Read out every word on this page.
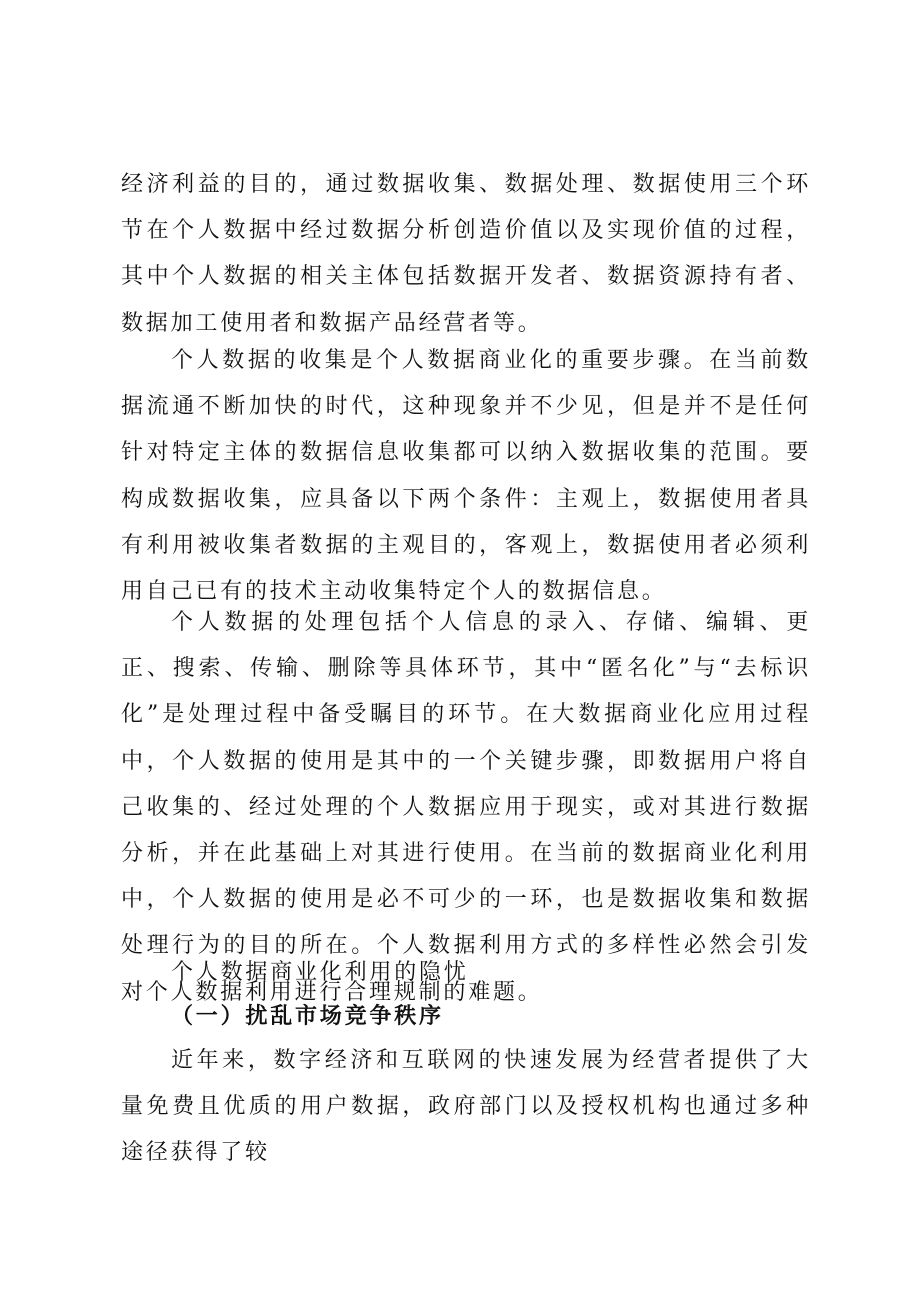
经济利益的目的，通过数据收集、数据处理、数据使用三个环节在个人数据中经过数据分析创造价值以及实现价值的过程，其中个人数据的相关主体包括数据开发者、数据资源持有者、数据加工使用者和数据产品经营者等。

个人数据的收集是个人数据商业化的重要步骤。在当前数据流通不断加快的时代，这种现象并不少见，但是并不是任何针对特定主体的数据信息收集都可以纳入数据收集的范围。要构成数据收集，应具备以下两个条件：主观上，数据使用者具有利用被收集者数据的主观目的，客观上，数据使用者必须利用自己已有的技术主动收集特定个人的数据信息。

个人数据的处理包括个人信息的录入、存储、编辑、更正、搜索、传输、删除等具体环节，其中“匿名化”与“去标识化”是处理过程中备受瞩目的环节。在大数据商业化应用过程中，个人数据的使用是其中的一个关键步骤，即数据用户将自己收集的、经过处理的个人数据应用于现实，或对其进行数据分析，并在此基础上对其进行使用。在当前的数据商业化利用中，个人数据的使用是必不可少的一环，也是数据收集和数据处理行为的目的所在。个人数据利用方式的多样性必然会引发对个人数据利用进行合理规制的难题。

个人数据商业化利用的隐忧

（一）扰乱市场竞争秩序

近年来，数字经济和互联网的快速发展为经营者提供了大量免费且优质的用户数据，政府部门以及授权机构也通过多种途径获得了较
